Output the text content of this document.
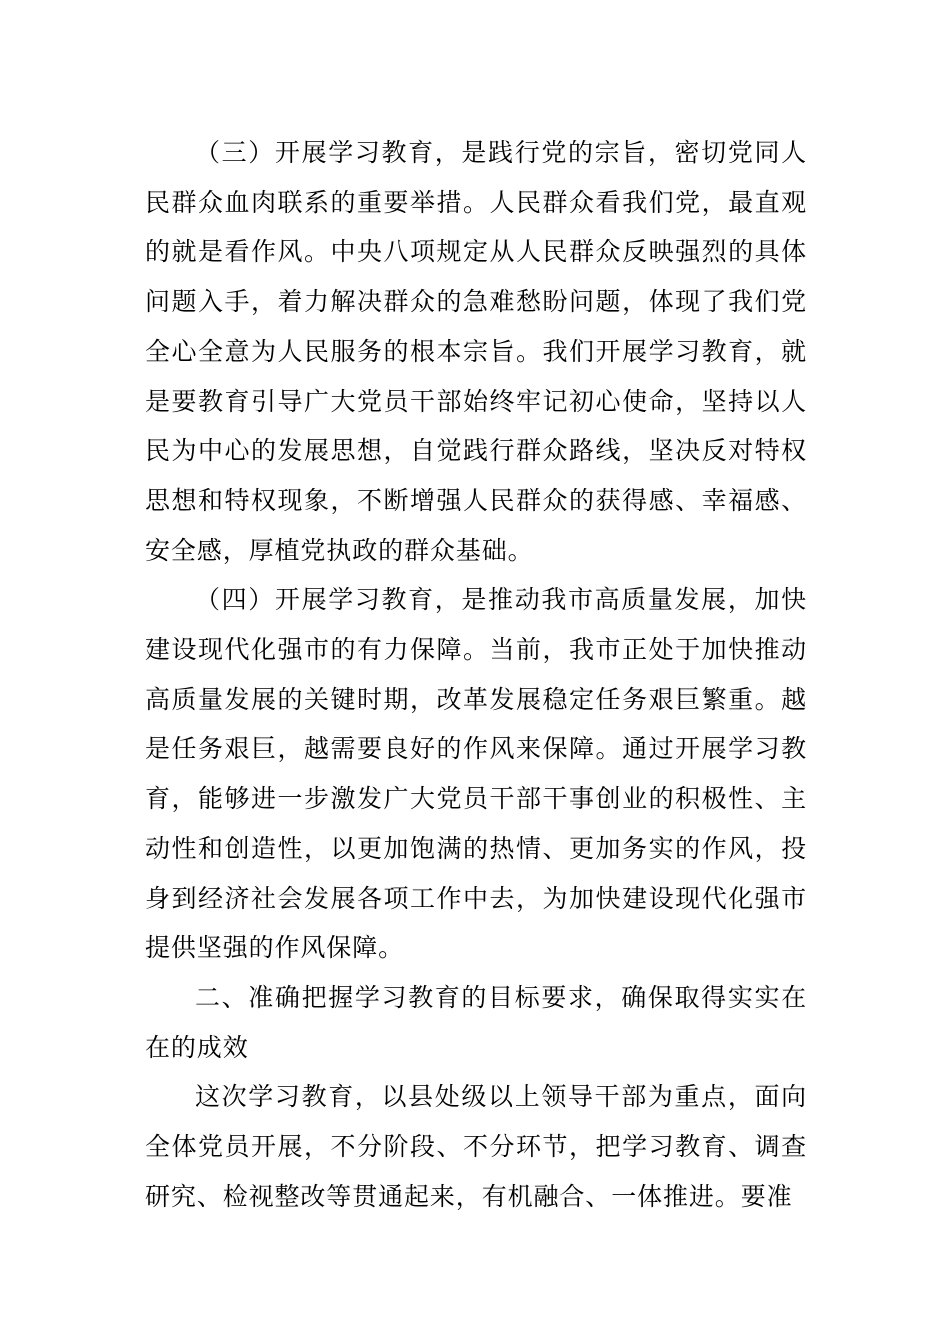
（三）开展学习教育，是践行党的宗旨，密切党同人民群众血肉联系的重要举措。人民群众看我们党，最直观的就是看作风。中央八项规定从人民群众反映强烈的具体问题入手，着力解决群众的急难愁盼问题，体现了我们党全心全意为人民服务的根本宗旨。我们开展学习教育，就是要教育引导广大党员干部始终牢记初心使命，坚持以人民为中心的发展思想，自觉践行群众路线，坚决反对特权思想和特权现象，不断增强人民群众的获得感、幸福感、安全感，厚植党执政的群众基础。

（四）开展学习教育，是推动我市高质量发展，加快建设现代化强市的有力保障。当前，我市正处于加快推动高质量发展的关键时期，改革发展稳定任务艰巨繁重。越是任务艰巨，越需要良好的作风来保障。通过开展学习教育，能够进一步激发广大党员干部干事创业的积极性、主动性和创造性，以更加饱满的热情、更加务实的作风，投身到经济社会发展各项工作中去，为加快建设现代化强市提供坚强的作风保障。

二、准确把握学习教育的目标要求，确保取得实实在在的成效

这次学习教育，以县处级以上领导干部为重点，面向全体党员开展，不分阶段、不分环节，把学习教育、调查研究、检视整改等贯通起来，有机融合、一体推进。要准
